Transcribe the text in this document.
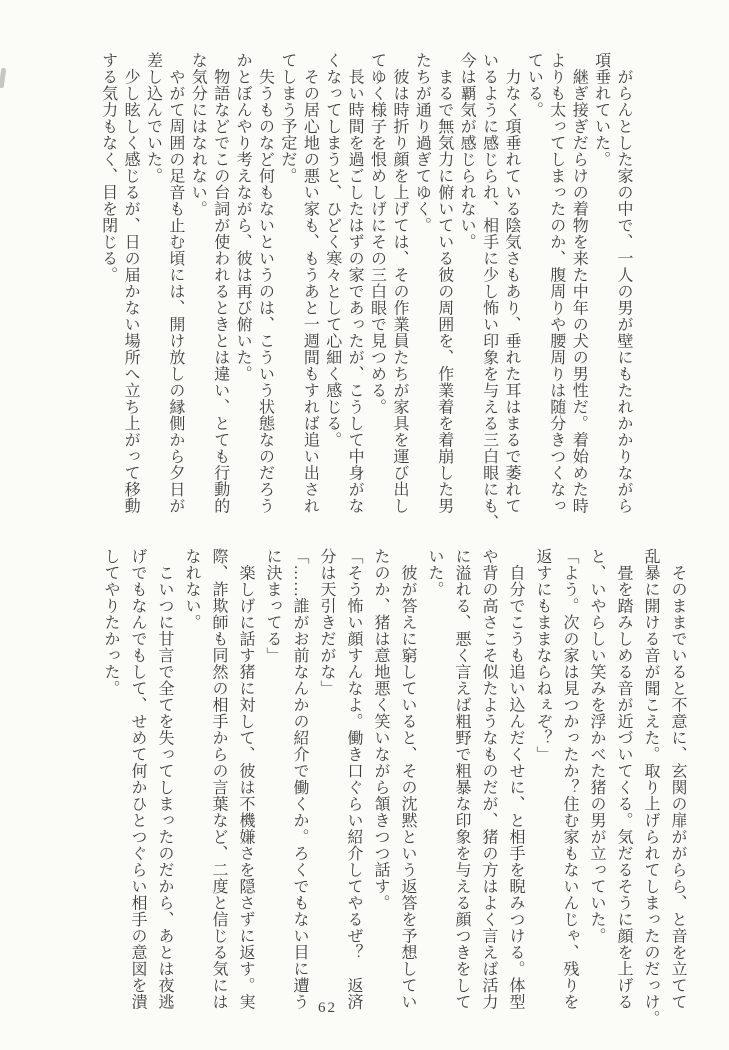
　がらんとした家の中で、一人の男が壁にもたれかかりながら
項垂れていた。
　継ぎ接ぎだらけの着物を来た中年の犬の男性だ。着始めた時
よりも太ってしまったのか、腹周りや腰周りは随分きつくなっ
ている。
　力なく項垂れている陰気さもあり、垂れた耳はまるで萎れて
いるように感じられ、相手に少し怖い印象を与える三白眼にも、
今は覇気が感じられない。
　まるで無気力に俯いている彼の周囲を、作業着を着崩した男
たちが通り過ぎてゆく。
　彼は時折り顔を上げては、その作業員たちが家具を運び出し
てゆく様子を恨めしげにその三白眼で見つめる。
　長い時間を過ごしたはずの家であったが、こうして中身がな
くなってしまうと、ひどく寒々として心細く感じる。
　その居心地の悪い家も、もうあと一週間もすれば追い出され
てしまう予定だ。
　失うものなど何もないというのは、こういう状態なのだろう
かとぼんやり考えながら、彼は再び俯いた。
　物語などでこの台詞が使われるときとは違い、とても行動的
な気分にはなれない。
　やがて周囲の足音も止む頃には、開け放しの縁側から夕日が
差し込んでいた。
　少し眩しく感じるが、日の届かない場所へ立ち上がって移動
する気力もなく、目を閉じる。
　そのままでいると不意に、玄関の扉ががらら、と音を立てて
乱暴に開ける音が聞こえた。取り上げられてしまったのだっけ。
　畳を踏みしめる音が近づいてくる。気だるそうに顔を上げる
と、いやらしい笑みを浮かべた猪の男が立っていた。
「よう。次の家は見つかったか？住む家もないんじゃ、残りを
返すにもままならねぇぞ？」
　自分でこうも追い込んだくせに、と相手を睨みつける。体型
や背の高さこそ似たようなものだが、猪の方はよく言えば活力
に溢れる、悪く言えば粗野で粗暴な印象を与える顔つきをして
いた。
　彼が答えに窮していると、その沈黙という返答を予想してい
たのか、猪は意地悪く笑いながら頷きつつ話す。
「そう怖い顔すんなよ。働き口ぐらい紹介してやるぜ？　返済
分は天引きだがな」
「……誰がお前なんかの紹介で働くか。ろくでもない目に遭う
に決まってる」
　楽しげに話す猪に対して、彼は不機嫌さを隠さずに返す。実
際、詐欺師も同然の相手からの言葉など、二度と信じる気には
なれない。
　こいつに甘言で全てを失ってしまったのだから、あとは夜逃
げでもなんでもして、せめて何かひとつぐらい相手の意図を潰
してやりたかった。
62
